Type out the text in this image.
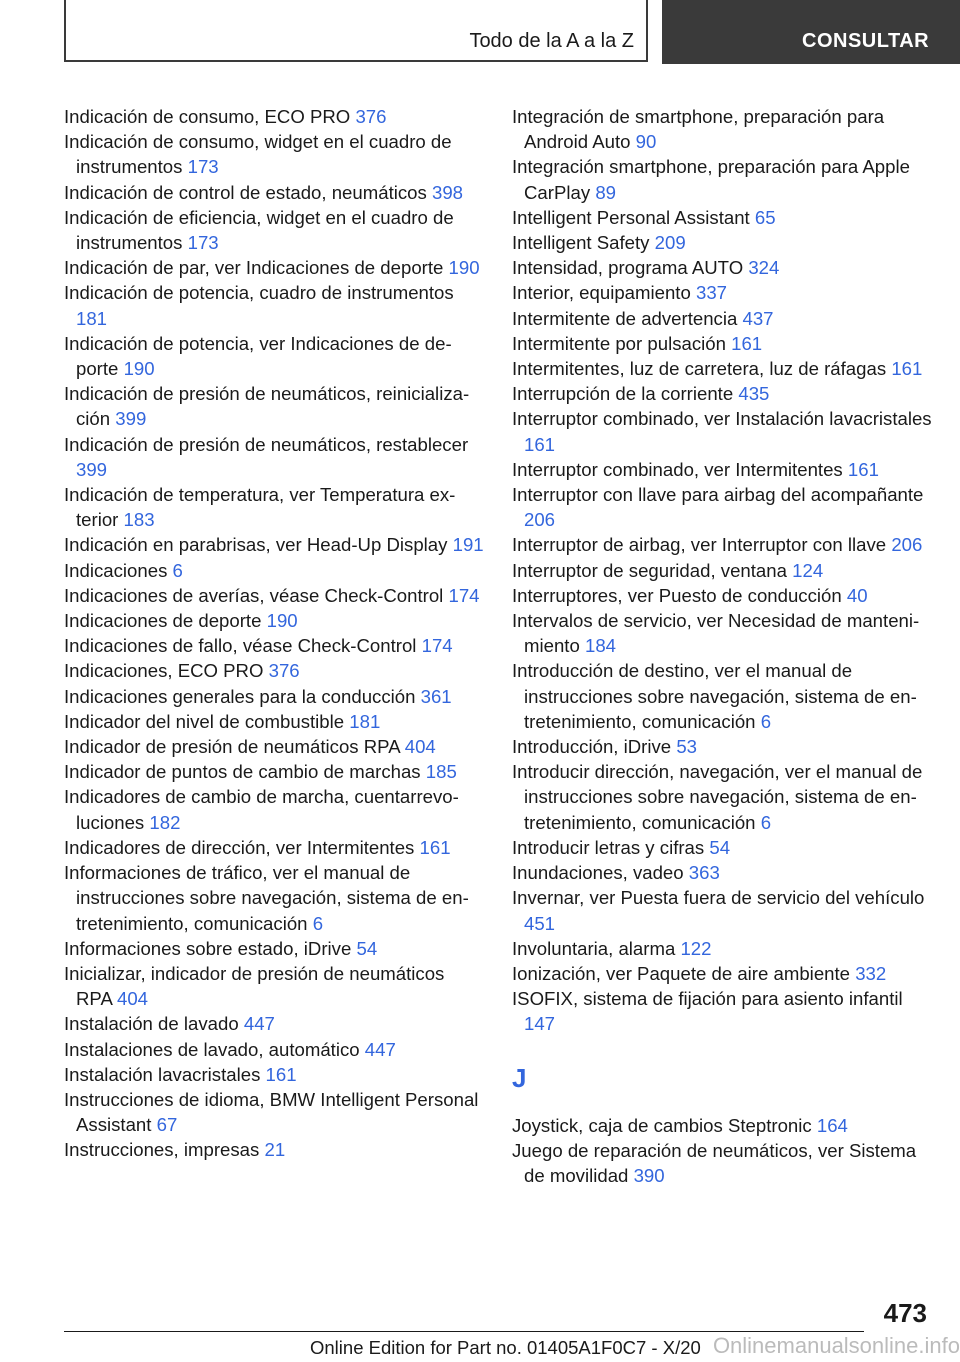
Todo de la A a la Z	CONSULTAR

Indicación de consumo, ECO PRO 376

Indicación de consumo, widget en el cuadro de instrumentos 173

Indicación de control de estado, neumáticos 398

Indicación de eficiencia, widget en el cuadro de instrumentos 173

Indicación de par, ver Indicaciones de deporte 190

Indicación de potencia, cuadro de instrumentos 181

Indicación de potencia, ver Indicaciones de deporte 190

Indicación de presión de neumáticos, reinicialización 399

Indicación de presión de neumáticos, restablecer 399

Indicación de temperatura, ver Temperatura exterior 183

Indicación en parabrisas, ver Head-Up Display 191

Indicaciones 6

Indicaciones de averías, véase Check-Control 174

Indicaciones de deporte 190

Indicaciones de fallo, véase Check-Control 174

Indicaciones, ECO PRO 376

Indicaciones generales para la conducción 361

Indicador del nivel de combustible 181

Indicador de presión de neumáticos RPA 404

Indicador de puntos de cambio de marchas 185

Indicadores de cambio de marcha, cuentarrevoluciones 182

Indicadores de dirección, ver Intermitentes 161

Informaciones de tráfico, ver el manual de instrucciones sobre navegación, sistema de entretenimiento, comunicación 6

Informaciones sobre estado, iDrive 54

Inicializar, indicador de presión de neumáticos RPA 404

Instalación de lavado 447

Instalaciones de lavado, automático 447

Instalación lavacristales 161

Instrucciones de idioma, BMW Intelligent Personal Assistant 67

Instrucciones, impresas 21

Integración de smartphone, preparación para Android Auto 90

Integración smartphone, preparación para Apple CarPlay 89

Intelligent Personal Assistant 65

Intelligent Safety 209

Intensidad, programa AUTO 324

Interior, equipamiento 337

Intermitente de advertencia 437

Intermitente por pulsación 161

Intermitentes, luz de carretera, luz de ráfagas 161

Interrupción de la corriente 435

Interruptor combinado, ver Instalación lavacristales 161

Interruptor combinado, ver Intermitentes 161

Interruptor con llave para airbag del acompañante 206

Interruptor de airbag, ver Interruptor con llave 206

Interruptor de seguridad, ventana 124

Interruptores, ver Puesto de conducción 40

Intervalos de servicio, ver Necesidad de mantenimiento 184

Introducción de destino, ver el manual de instrucciones sobre navegación, sistema de entretenimiento, comunicación 6

Introducción, iDrive 53

Introducir dirección, navegación, ver el manual de instrucciones sobre navegación, sistema de entretenimiento, comunicación 6

Introducir letras y cifras 54

Inundaciones, vadeo 363

Invernar, ver Puesta fuera de servicio del vehículo 451

Involuntaria, alarma 122

Ionización, ver Paquete de aire ambiente 332

ISOFIX, sistema de fijación para asiento infantil 147

J

Joystick, caja de cambios Steptronic 164

Juego de reparación de neumáticos, ver Sistema de movilidad 390

473
Online Edition for Part no. 01405A1F0C7 - X/20 Onlinemanualsonline.info
